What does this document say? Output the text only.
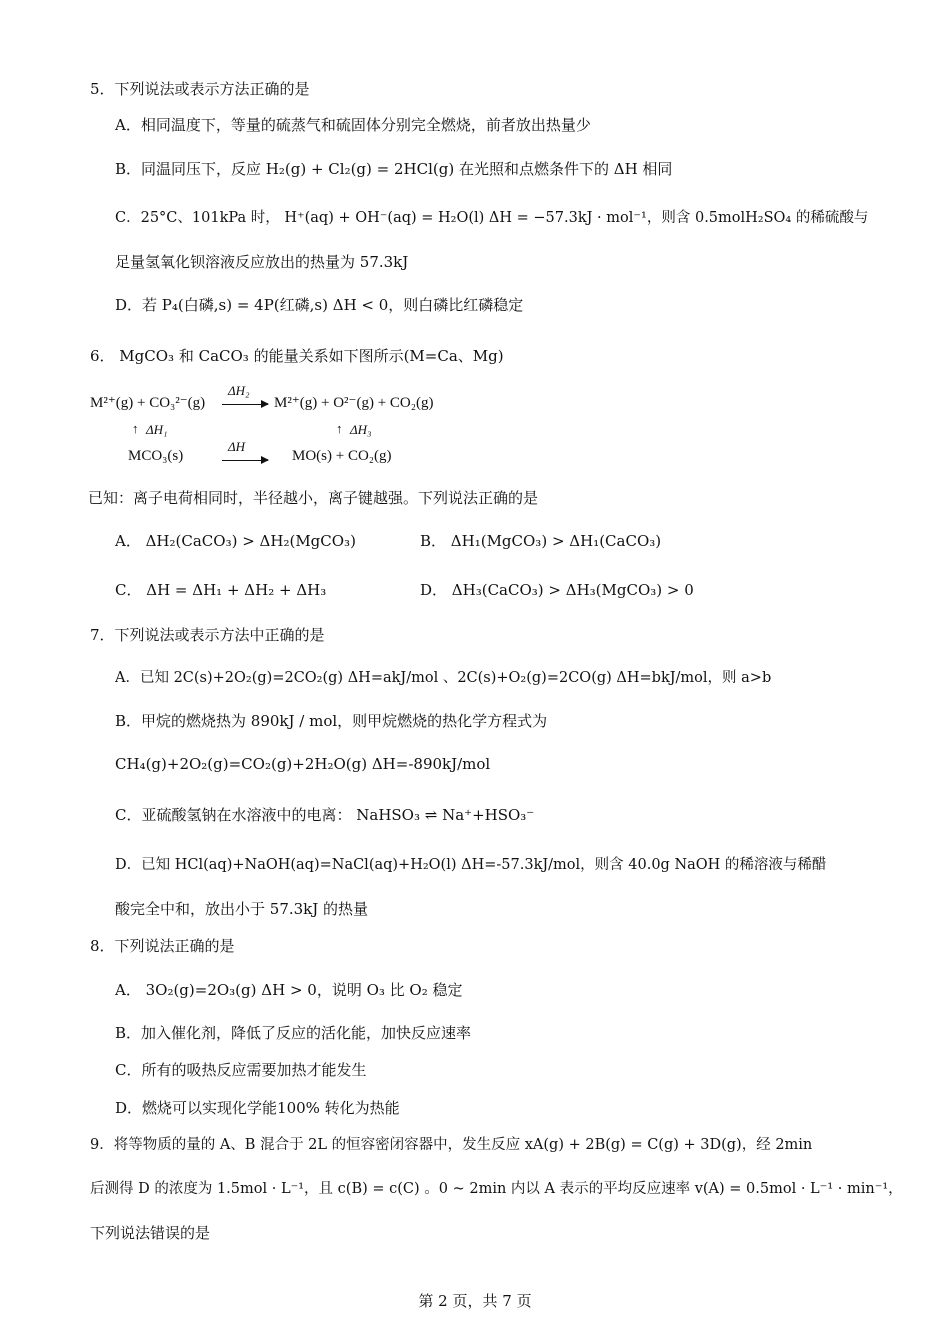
5．下列说法或表示方法正确的是
A．相同温度下，等量的硫蒸气和硫固体分别完全燃烧，前者放出热量少
B．同温同压下，反应 H₂(g) + Cl₂(g) = 2HCl(g) 在光照和点燃条件下的 ΔH 相同
C．25°C、101kPa 时， H⁺(aq) + OH⁻(aq) = H₂O(l) ΔH = −57.3kJ · mol⁻¹，则含 0.5molH₂SO₄ 的稀硫酸与
足量氢氧化钡溶液反应放出的热量为 57.3kJ
D．若 P₄(白磷,s) = 4P(红磷,s) ΔH < 0，则白磷比红磷稳定
6． MgCO₃ 和 CaCO₃ 的能量关系如下图所示(M=Ca、Mg)
M²⁺(g) + CO₃²⁻(g)
ΔH₂
M²⁺(g) + O²⁻(g) + CO₂(g)
↑ ΔH₁	↑ ΔH₃
MCO₃(s)
ΔH
MO(s) + CO₂(g)
已知：离子电荷相同时，半径越小，离子键越强。下列说法正确的是
A． ΔH₂(CaCO₃) > ΔH₂(MgCO₃)	B． ΔH₁(MgCO₃) > ΔH₁(CaCO₃)
C． ΔH = ΔH₁ + ΔH₂ + ΔH₃	D． ΔH₃(CaCO₃) > ΔH₃(MgCO₃) > 0
7．下列说法或表示方法中正确的是
A．已知 2C(s)+2O₂(g)=2CO₂(g) ΔH=akJ/mol 、2C(s)+O₂(g)=2CO(g) ΔH=bkJ/mol，则 a>b
B．甲烷的燃烧热为 890kJ / mol，则甲烷燃烧的热化学方程式为
CH₄(g)+2O₂(g)=CO₂(g)+2H₂O(g) ΔH=-890kJ/mol
C．亚硫酸氢钠在水溶液中的电离： NaHSO₃ ⇌ Na⁺+HSO₃⁻
D．已知 HCl(aq)+NaOH(aq)=NaCl(aq)+H₂O(l) ΔH=-57.3kJ/mol，则含 40.0g NaOH 的稀溶液与稀醋
酸完全中和，放出小于 57.3kJ 的热量
8．下列说法正确的是
A． 3O₂(g)=2O₃(g) ΔH > 0，说明 O₃ 比 O₂ 稳定
B．加入催化剂，降低了反应的活化能，加快反应速率
C．所有的吸热反应需要加热才能发生
D．燃烧可以实现化学能100% 转化为热能
9．将等物质的量的 A、B 混合于 2L 的恒容密闭容器中，发生反应 xA(g) + 2B(g) = C(g) + 3D(g)，经 2min
后测得 D 的浓度为 1.5mol · L⁻¹，且 c(B) = c(C) 。0 ~ 2min 内以 A 表示的平均反应速率 v(A) = 0.5mol · L⁻¹ · min⁻¹，
下列说法错误的是
第 2 页，共 7 页
